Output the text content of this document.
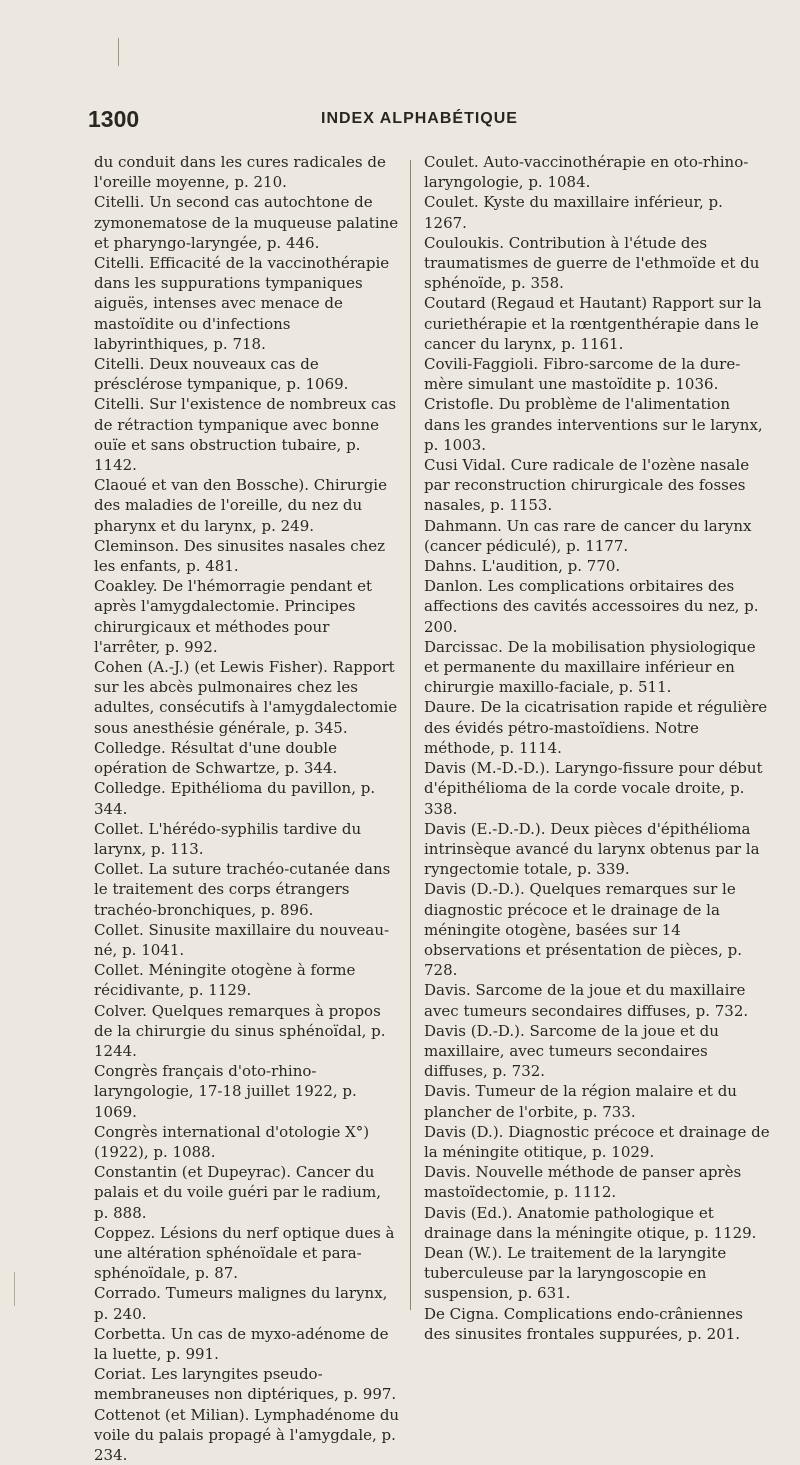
1300	INDEX ALPHABÉTIQUE

du conduit dans les cures radicales de l'oreille moyenne, p. 210.

Citelli. Un second cas autochtone de zymonematose de la muqueuse palatine et pharyngo-laryngée, p. 446.

Citelli. Efficacité de la vaccinothérapie dans les suppurations tympaniques aiguës, intenses avec menace de mastoïdite ou d'infections labyrinthiques, p. 718.

Citelli. Deux nouveaux cas de présclérose tympanique, p. 1069.

Citelli. Sur l'existence de nombreux cas de rétraction tympanique avec bonne ouïe et sans obstruction tubaire, p. 1142.

Claoué et van den Bossche). Chirurgie des maladies de l'oreille, du nez du pharynx et du larynx, p. 249.

Cleminson. Des sinusites nasales chez les enfants, p. 481.

Coakley. De l'hémorragie pendant et après l'amygdalectomie. Principes chirurgicaux et méthodes pour l'arrêter, p. 992.

Cohen (A.-J.) (et Lewis Fisher). Rapport sur les abcès pulmonaires chez les adultes, consécutifs à l'amygdalectomie sous anesthésie générale, p. 345.

Colledge. Résultat d'une double opération de Schwartze, p. 344.

Colledge. Epithélioma du pavillon, p. 344.

Collet. L'hérédo-syphilis tardive du larynx, p. 113.

Collet. La suture trachéo-cutanée dans le traitement des corps étrangers trachéo-bronchiques, p. 896.

Collet. Sinusite maxillaire du nouveau-né, p. 1041.

Collet. Méningite otogène à forme récidivante, p. 1129.

Colver. Quelques remarques à propos de la chirurgie du sinus sphénoïdal, p. 1244.

Congrès français d'oto-rhino-laryngologie, 17-18 juillet 1922, p. 1069.

Congrès international d'otologie X°) (1922), p. 1088.

Constantin (et Dupeyrac). Cancer du palais et du voile guéri par le radium, p. 888.

Coppez. Lésions du nerf optique dues à une altération sphénoïdale et para-sphénoïdale, p. 87.

Corrado. Tumeurs malignes du larynx, p. 240.

Corbetta. Un cas de myxo-adénome de la luette, p. 991.

Coriat. Les laryngites pseudo-membraneuses non diptériques, p. 997.

Cottenot (et Milian). Lymphadénome du voile du palais propagé à l'amygdale, p. 234.

Coulet. Auto-vaccinothérapie en oto-rhino-laryngologie, p. 1084.

Coulet. Kyste du maxillaire inférieur, p. 1267.

Couloukis. Contribution à l'étude des traumatismes de guerre de l'ethmoïde et du sphénoïde, p. 358.

Coutard (Regaud et Hautant) Rapport sur la curiethérapie et la rœntgenthérapie dans le cancer du larynx, p. 1161.

Covili-Faggioli. Fibro-sarcome de la dure-mère simulant une mastoïdite p. 1036.

Cristofle. Du problème de l'alimentation dans les grandes interventions sur le larynx, p. 1003.

Cusi Vidal. Cure radicale de l'ozène nasale par reconstruction chirurgicale des fosses nasales, p. 1153.

Dahmann. Un cas rare de cancer du larynx (cancer pédiculé), p. 1177.

Dahns. L'audition, p. 770.

Danlon. Les complications orbitaires des affections des cavités accessoires du nez, p. 200.

Darcissac. De la mobilisation physiologique et permanente du maxillaire inférieur en chirurgie maxillo-faciale, p. 511.

Daure. De la cicatrisation rapide et régulière des évidés pétro-mastoïdiens. Notre méthode, p. 1114.

Davis (M.-D.-D.). Laryngo-fissure pour début d'épithélioma de la corde vocale droite, p. 338.

Davis (E.-D.-D.). Deux pièces d'épithélioma intrinsèque avancé du larynx obtenus par la ryngectomie totale, p. 339.

Davis (D.-D.). Quelques remarques sur le diagnostic précoce et le drainage de la méningite otogène, basées sur 14 observations et présentation de pièces, p. 728.

Davis. Sarcome de la joue et du maxillaire avec tumeurs secondaires diffuses, p. 732.

Davis (D.-D.). Sarcome de la joue et du maxillaire, avec tumeurs secondaires diffuses, p. 732.

Davis. Tumeur de la région malaire et du plancher de l'orbite, p. 733.

Davis (D.). Diagnostic précoce et drainage de la méningite otitique, p. 1029.

Davis. Nouvelle méthode de panser après mastoïdectomie, p. 1112.

Davis (Ed.). Anatomie pathologique et drainage dans la méningite otique, p. 1129.

Dean (W.). Le traitement de la laryngite tuberculeuse par la laryngoscopie en suspension, p. 631.

De Cigna. Complications endo-crâniennes des sinusites frontales suppurées, p. 201.
